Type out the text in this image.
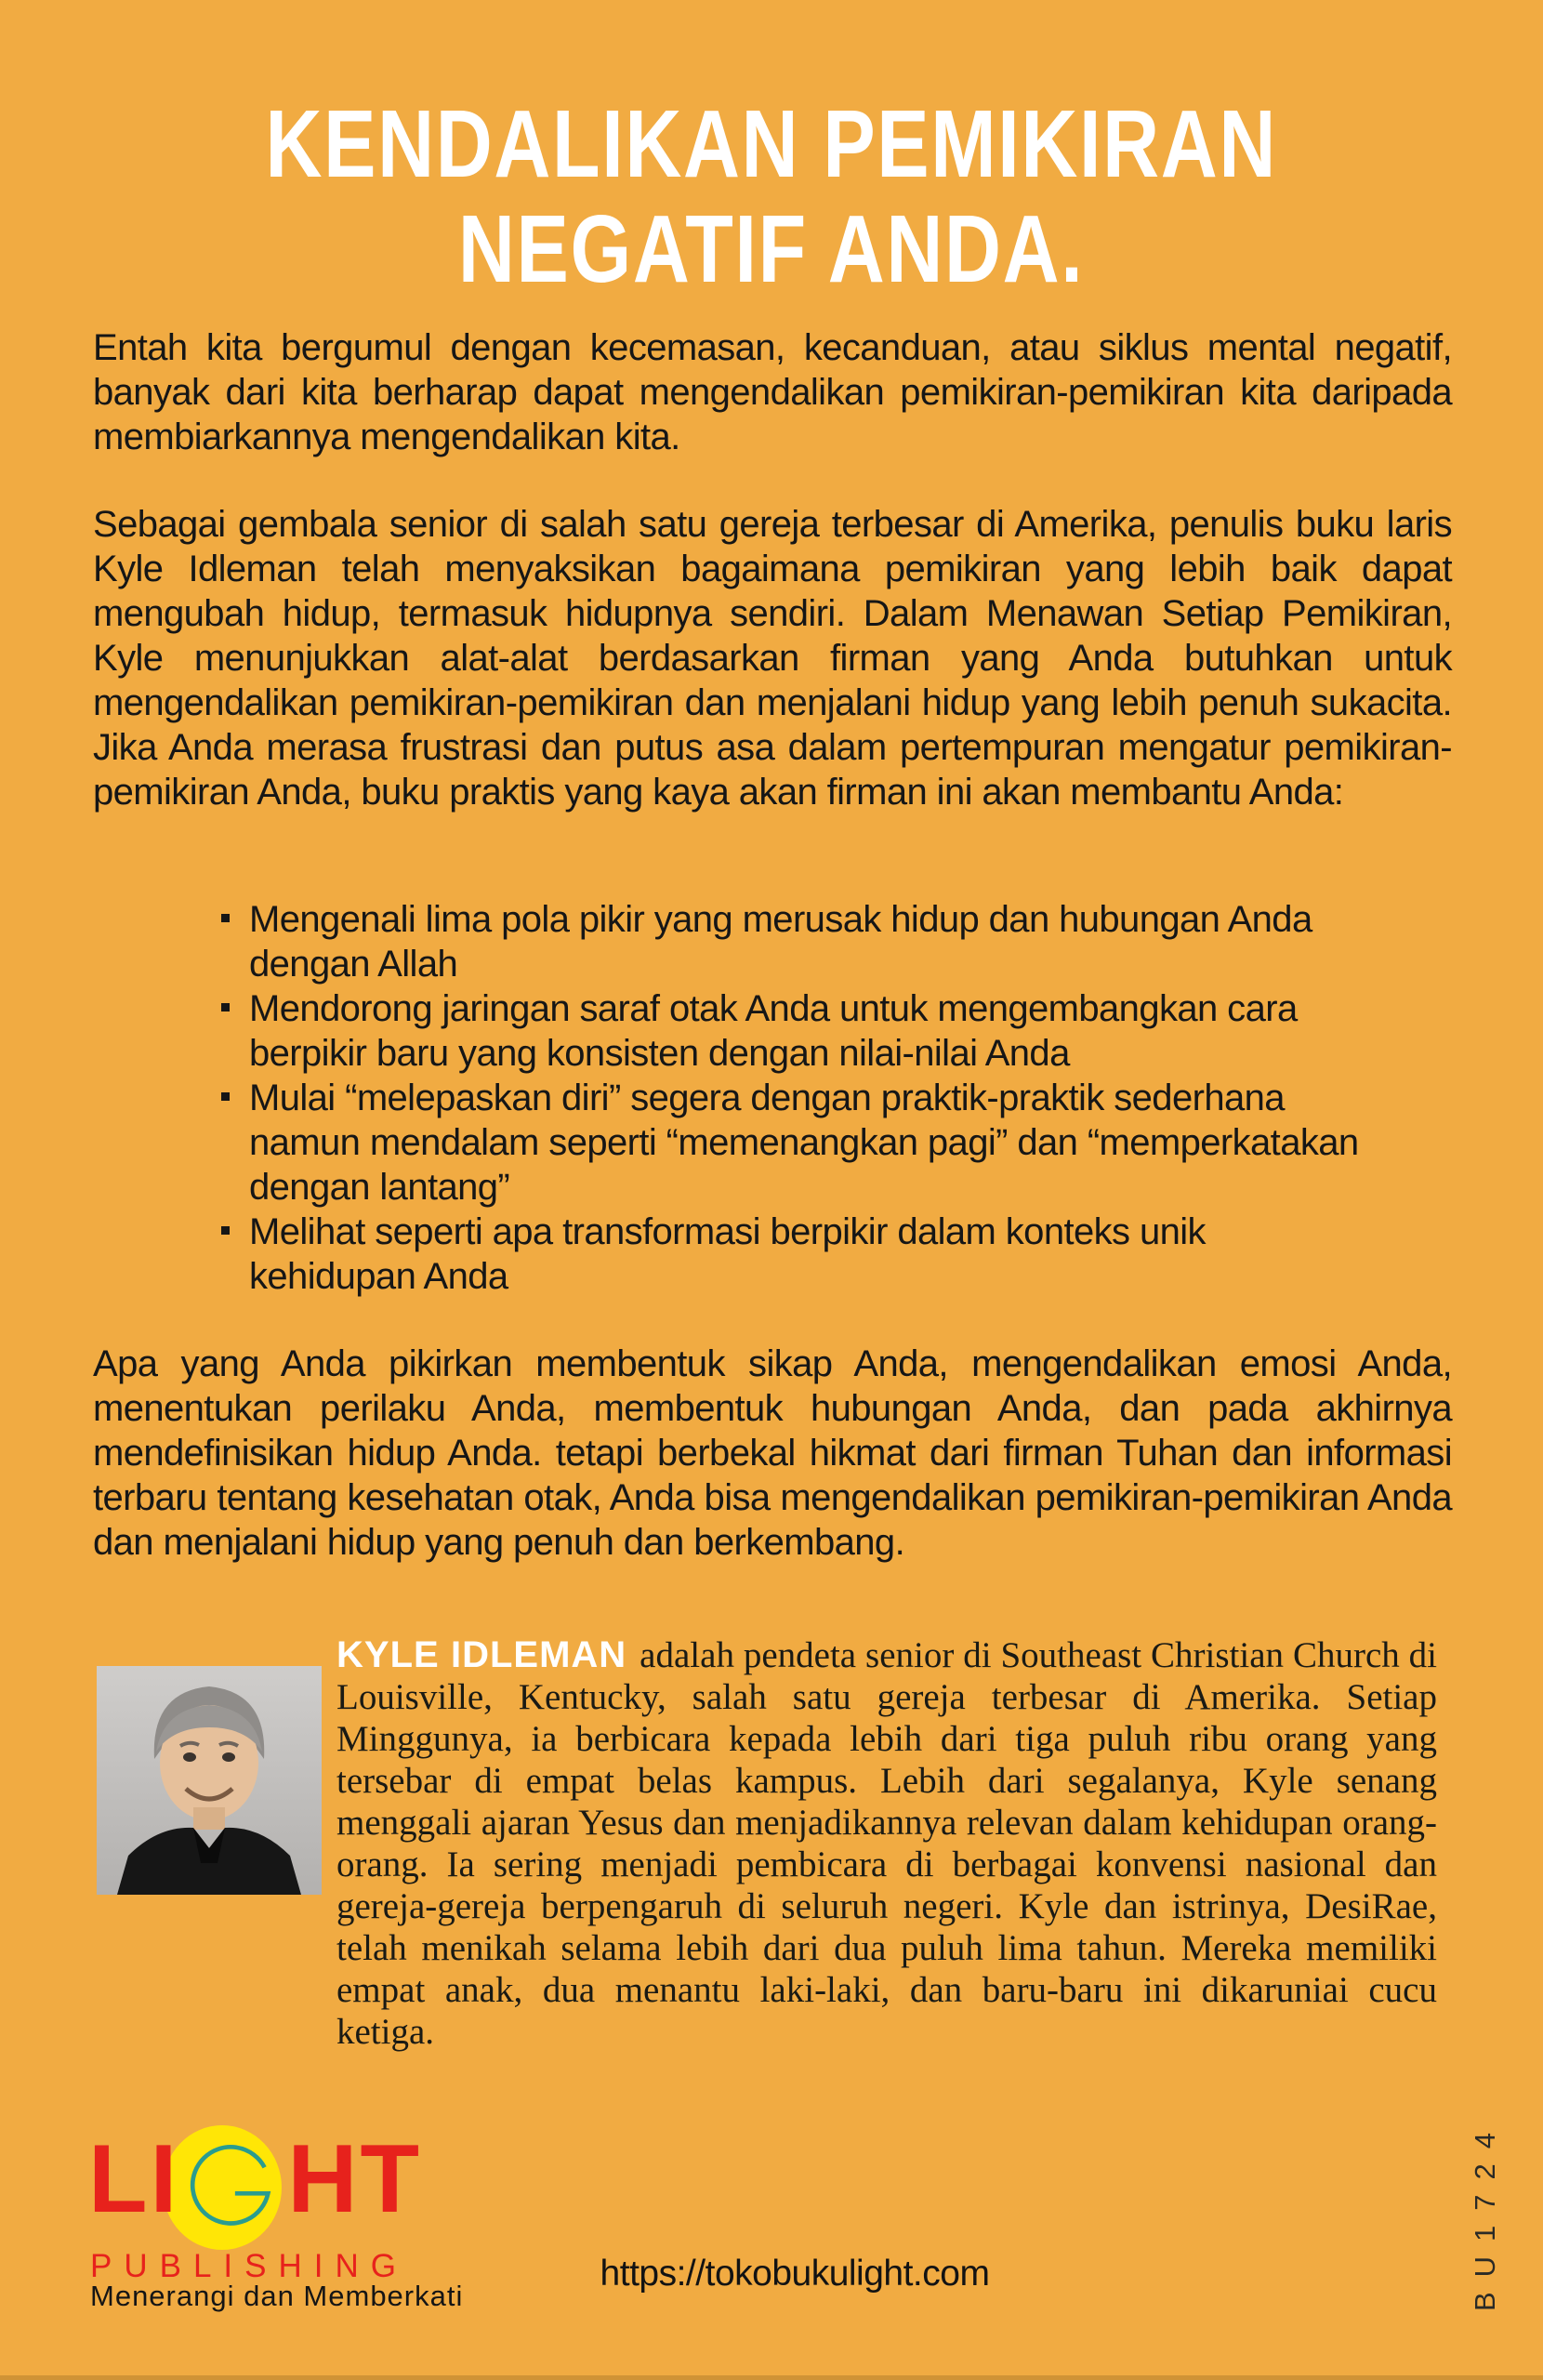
KENDALIKAN PEMIKIRAN
NEGATIF ANDA.

Entah kita bergumul dengan kecemasan, kecanduan, atau siklus mental negatif, banyak dari kita berharap dapat mengendalikan pemikiran-pemikiran kita daripada membiarkannya mengendalikan kita.

Sebagai gembala senior di salah satu gereja terbesar di Amerika, penulis buku laris Kyle Idleman telah menyaksikan bagaimana pemikiran yang lebih baik dapat mengubah hidup, termasuk hidupnya sendiri. Dalam Menawan Setiap Pemikiran, Kyle menunjukkan alat-alat berdasarkan firman yang Anda butuhkan untuk mengendalikan pemikiran-pemikiran dan menjalani hidup yang lebih penuh sukacita. Jika Anda merasa frustrasi dan putus asa dalam pertempuran mengatur pemikiran-pemikiran Anda, buku praktis yang kaya akan firman ini akan membantu Anda:

Mengenali lima pola pikir yang merusak hidup dan hubungan Anda dengan Allah
Mendorong jaringan saraf otak Anda untuk mengembangkan cara berpikir baru yang konsisten dengan nilai-nilai Anda
Mulai “melepaskan diri” segera dengan praktik-praktik sederhana namun mendalam seperti “memenangkan pagi” dan “memperkatakan dengan lantang”
Melihat seperti apa transformasi berpikir dalam konteks unik kehidupan Anda

Apa yang Anda pikirkan membentuk sikap Anda, mengendalikan emosi Anda, menentukan perilaku Anda, membentuk hubungan Anda, dan pada akhirnya mendefinisikan hidup Anda. tetapi berbekal hikmat dari firman Tuhan dan informasi terbaru tentang kesehatan otak, Anda bisa mengendalikan pemikiran-pemikiran Anda dan menjalani hidup yang penuh dan berkembang.

KYLE IDLEMAN adalah pendeta senior di Southeast Christian Church di Louisville, Kentucky, salah satu gereja terbesar di Amerika. Setiap Minggunya, ia berbicara kepada lebih dari tiga puluh ribu orang yang tersebar di empat belas kampus. Lebih dari segalanya, Kyle senang menggali ajaran Yesus dan menjadikannya relevan dalam kehidupan orang-orang. Ia sering menjadi pembicara di berbagai konvensi nasional dan gereja-gereja berpengaruh di seluruh negeri. Kyle dan istrinya, DesiRae, telah menikah selama lebih dari dua puluh lima tahun. Mereka memiliki empat anak, dua menantu laki-laki, dan baru-baru ini dikaruniai cucu ketiga.

LI HT
PUBLISHING
Menerangi dan Memberkati
https://tokobukulight.com	BU1724
